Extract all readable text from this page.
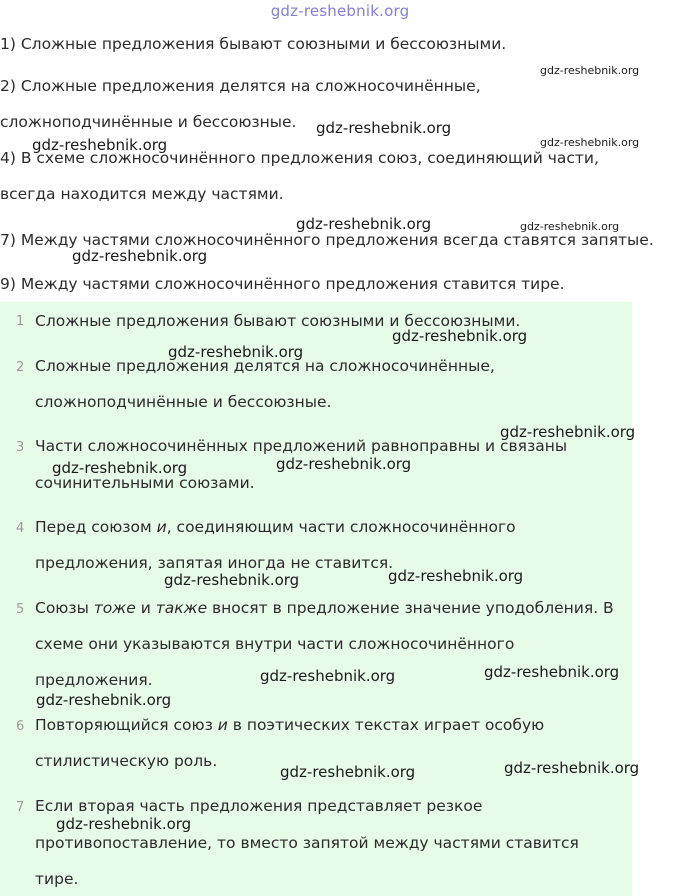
gdz-reshebnik.org
1) Сложные предложения бывают союзными и бессоюзными.
2) Сложные предложения делятся на сложносочинённые,
сложноподчинённые и бессоюзные.
4) В схеме сложносочинённого предложения союз, соединяющий части,
всегда находится между частями.
7) Между частями сложносочинённого предложения всегда ставятся запятые.
9) Между частями сложносочинённого предложения ставится тире.
1 Сложные предложения бывают союзными и бессоюзными.
2 Сложные предложения делятся на сложносочинённые,
сложноподчинённые и бессоюзные.
3 Части сложносочинённых предложений равноправны и связаны
сочинительными союзами.
4 Перед союзом и, соединяющим части сложносочинённого
предложения, запятая иногда не ставится.
5 Союзы тоже и также вносят в предложение значение уподобления. В
схеме они указываются внутри части сложносочинённого
предложения.
6 Повторяющийся союз и в поэтических текстах играет особую
стилистическую роль.
7 Если вторая часть предложения представляет резкое
противопоставление, то вместо запятой между частями ставится
тире.
gdz-reshebnik.org
gdz-reshebnik.org
gdz-reshebnik.org
gdz-reshebnik.org
gdz-reshebnik.org	gdz-reshebnik.org
gdz-reshebnik.org
gdz-reshebnik.org
gdz-reshebnik.org
gdz-reshebnik.org
gdz-reshebnik.org	gdz-reshebnik.org
gdz-reshebnik.org	gdz-reshebnik.org
gdz-reshebnik.org
gdz-reshebnik.org
gdz-reshebnik.org
gdz-reshebnik.org	gdz-reshebnik.org
gdz-reshebnik.org
